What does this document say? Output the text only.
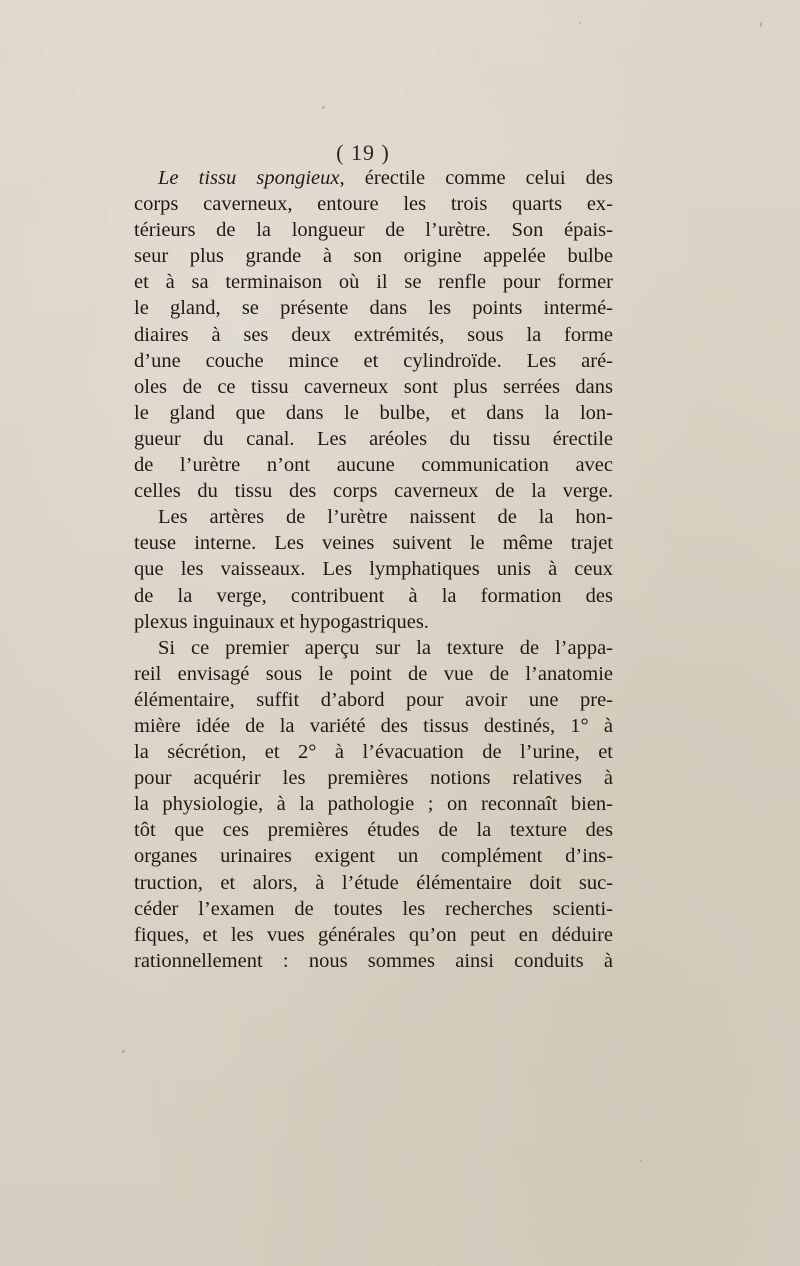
( 19 )
Le tissu spongieux, érectile comme celui des
corps caverneux, entoure les trois quarts ex-
térieurs de la longueur de l’urètre. Son épais-
seur plus grande à son origine appelée bulbe
et à sa terminaison où il se renfle pour former
le gland, se présente dans les points intermé-
diaires à ses deux extrémités, sous la forme
d’une couche mince et cylindroïde. Les aré-
oles de ce tissu caverneux sont plus serrées dans
le gland que dans le bulbe, et dans la lon-
gueur du canal. Les aréoles du tissu érectile
de l’urètre n’ont aucune communication avec
celles du tissu des corps caverneux de la verge.
Les artères de l’urètre naissent de la hon-
teuse interne. Les veines suivent le même trajet
que les vaisseaux. Les lymphatiques unis à ceux
de la verge, contribuent à la formation des
plexus inguinaux et hypogastriques.
Si ce premier aperçu sur la texture de l’appa-
reil envisagé sous le point de vue de l’anatomie
élémentaire, suffit d’abord pour avoir une pre-
mière idée de la variété des tissus destinés, 1° à
la sécrétion, et 2° à l’évacuation de l’urine, et
pour acquérir les premières notions relatives à
la physiologie, à la pathologie ; on reconnaît bien-
tôt que ces premières études de la texture des
organes urinaires exigent un complément d’ins-
truction, et alors, à l’étude élémentaire doit suc-
céder l’examen de toutes les recherches scienti-
fiques, et les vues générales qu’on peut en déduire
rationnellement : nous sommes ainsi conduits à
